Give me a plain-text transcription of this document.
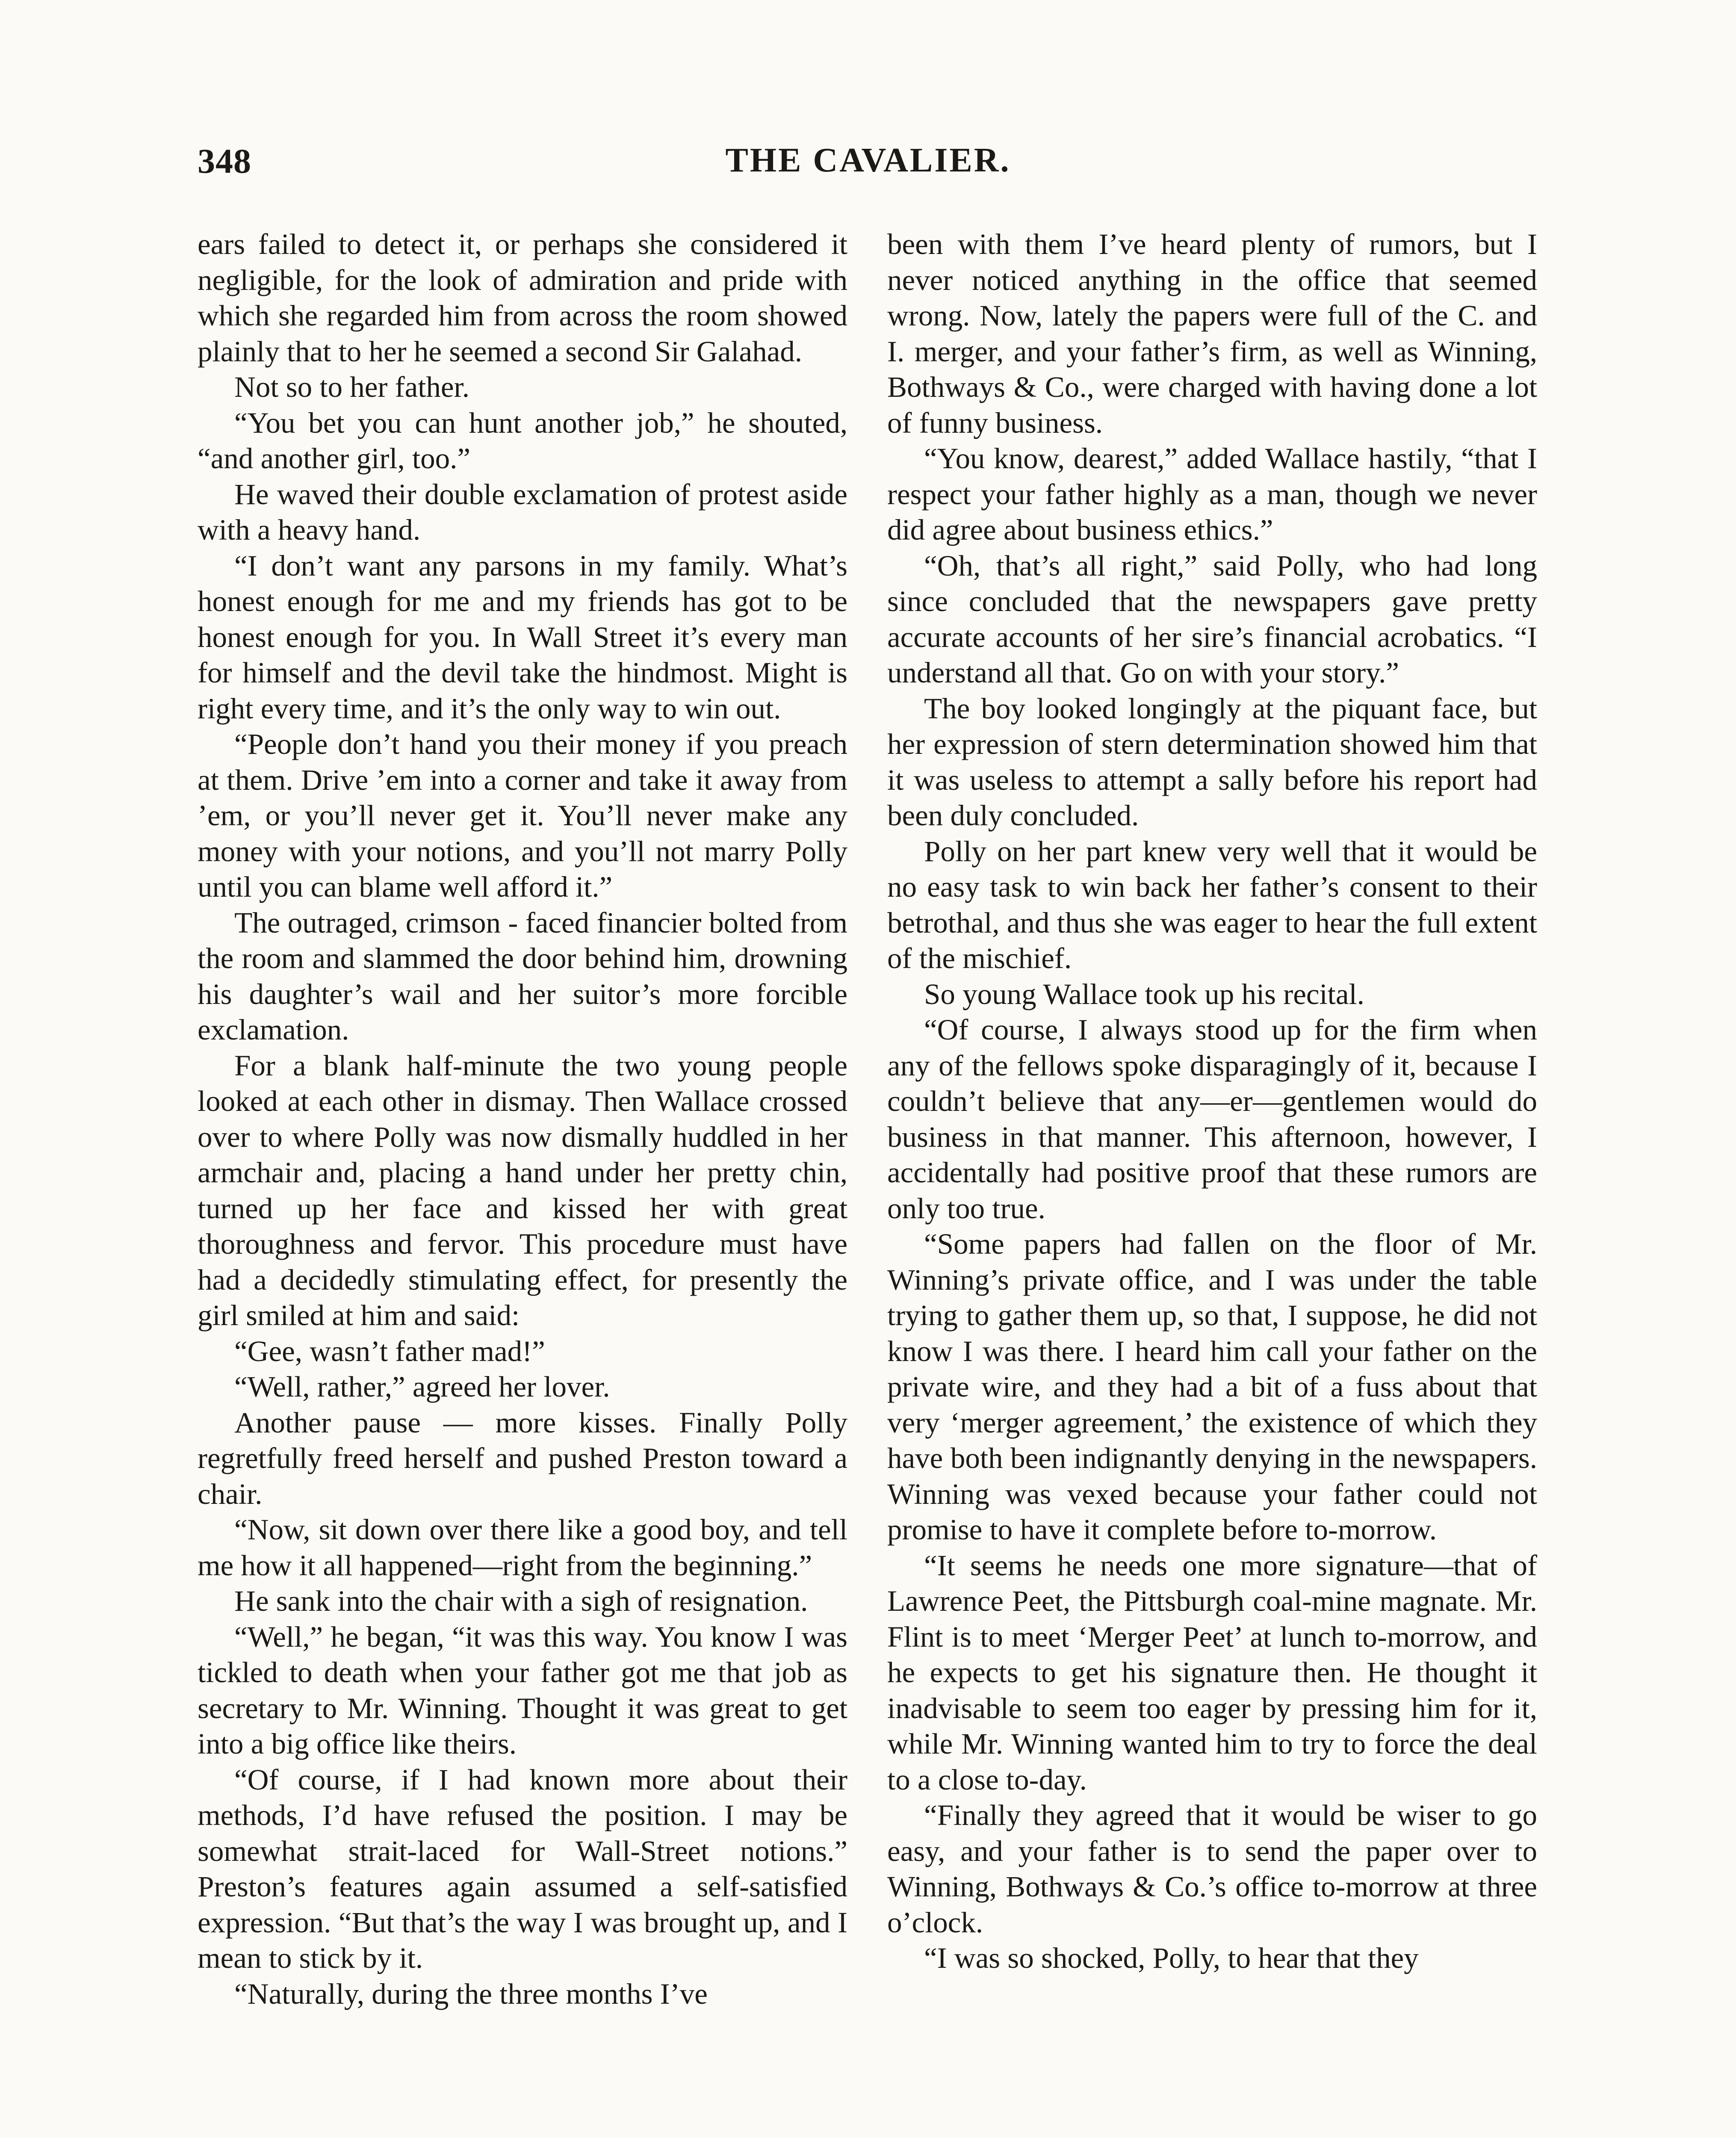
348	THE CAVALIER.

ears failed to detect it, or perhaps she considered it negligible, for the look of admiration and pride with which she regarded him from across the room showed plainly that to her he seemed a second Sir Galahad.

Not so to her father.

“You bet you can hunt another job,” he shouted, “and another girl, too.”

He waved their double exclamation of protest aside with a heavy hand.

“I don’t want any parsons in my family. What’s honest enough for me and my friends has got to be honest enough for you. In Wall Street it’s every man for himself and the devil take the hindmost. Might is right every time, and it’s the only way to win out.

“People don’t hand you their money if you preach at them. Drive ’em into a corner and take it away from ’em, or you’ll never get it. You’ll never make any money with your notions, and you’ll not marry Polly until you can blame well afford it.”

The outraged, crimson - faced financier bolted from the room and slammed the door behind him, drowning his daughter’s wail and her suitor’s more forcible exclamation.

For a blank half-minute the two young people looked at each other in dismay. Then Wallace crossed over to where Polly was now dismally huddled in her armchair and, placing a hand under her pretty chin, turned up her face and kissed her with great thoroughness and fervor. This procedure must have had a decidedly stimulating effect, for presently the girl smiled at him and said:

“Gee, wasn’t father mad!”

“Well, rather,” agreed her lover.

Another pause — more kisses. Finally Polly regretfully freed herself and pushed Preston toward a chair.

“Now, sit down over there like a good boy, and tell me how it all happened—right from the beginning.”

He sank into the chair with a sigh of resignation.

“Well,” he began, “it was this way. You know I was tickled to death when your father got me that job as secretary to Mr. Winning. Thought it was great to get into a big office like theirs.

“Of course, if I had known more about their methods, I’d have refused the position. I may be somewhat strait-laced for Wall-Street notions.” Preston’s features again assumed a self-satisfied expression. “But that’s the way I was brought up, and I mean to stick by it.

“Naturally, during the three months I’ve

been with them I’ve heard plenty of rumors, but I never noticed anything in the office that seemed wrong. Now, lately the papers were full of the C. and I. merger, and your father’s firm, as well as Winning, Bothways & Co., were charged with having done a lot of funny business.

“You know, dearest,” added Wallace hastily, “that I respect your father highly as a man, though we never did agree about business ethics.”

“Oh, that’s all right,” said Polly, who had long since concluded that the newspapers gave pretty accurate accounts of her sire’s financial acrobatics. “I understand all that. Go on with your story.”

The boy looked longingly at the piquant face, but her expression of stern determination showed him that it was useless to attempt a sally before his report had been duly concluded.

Polly on her part knew very well that it would be no easy task to win back her father’s consent to their betrothal, and thus she was eager to hear the full extent of the mischief.

So young Wallace took up his recital.

“Of course, I always stood up for the firm when any of the fellows spoke disparagingly of it, because I couldn’t believe that any—er—gentlemen would do business in that manner. This afternoon, however, I accidentally had positive proof that these rumors are only too true.

“Some papers had fallen on the floor of Mr. Winning’s private office, and I was under the table trying to gather them up, so that, I suppose, he did not know I was there. I heard him call your father on the private wire, and they had a bit of a fuss about that very ‘merger agreement,’ the existence of which they have both been indignantly denying in the newspapers. Winning was vexed because your father could not promise to have it complete before to-morrow.

“It seems he needs one more signature—that of Lawrence Peet, the Pittsburgh coal-mine magnate. Mr. Flint is to meet ‘Merger Peet’ at lunch to-morrow, and he expects to get his signature then. He thought it inadvisable to seem too eager by pressing him for it, while Mr. Winning wanted him to try to force the deal to a close to-day.

“Finally they agreed that it would be wiser to go easy, and your father is to send the paper over to Winning, Bothways & Co.’s office to-morrow at three o’clock.

“I was so shocked, Polly, to hear that they
